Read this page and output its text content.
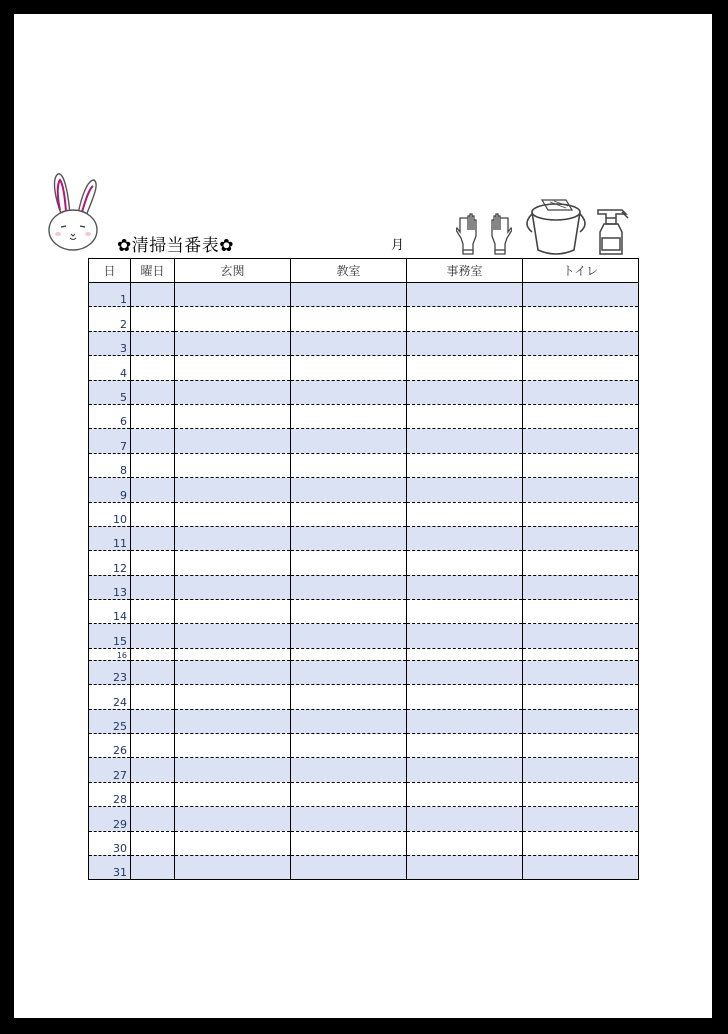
✿清掃当番表✿	月
日	曜日	玄関	教室	事務室	トイレ
1					
2					
3					
4					
5					
6					
7					
8					
9					
10					
11					
12					
13					
14					
15					
16					
23					
24					
25					
26					
27					
28					
29					
30					
31					
